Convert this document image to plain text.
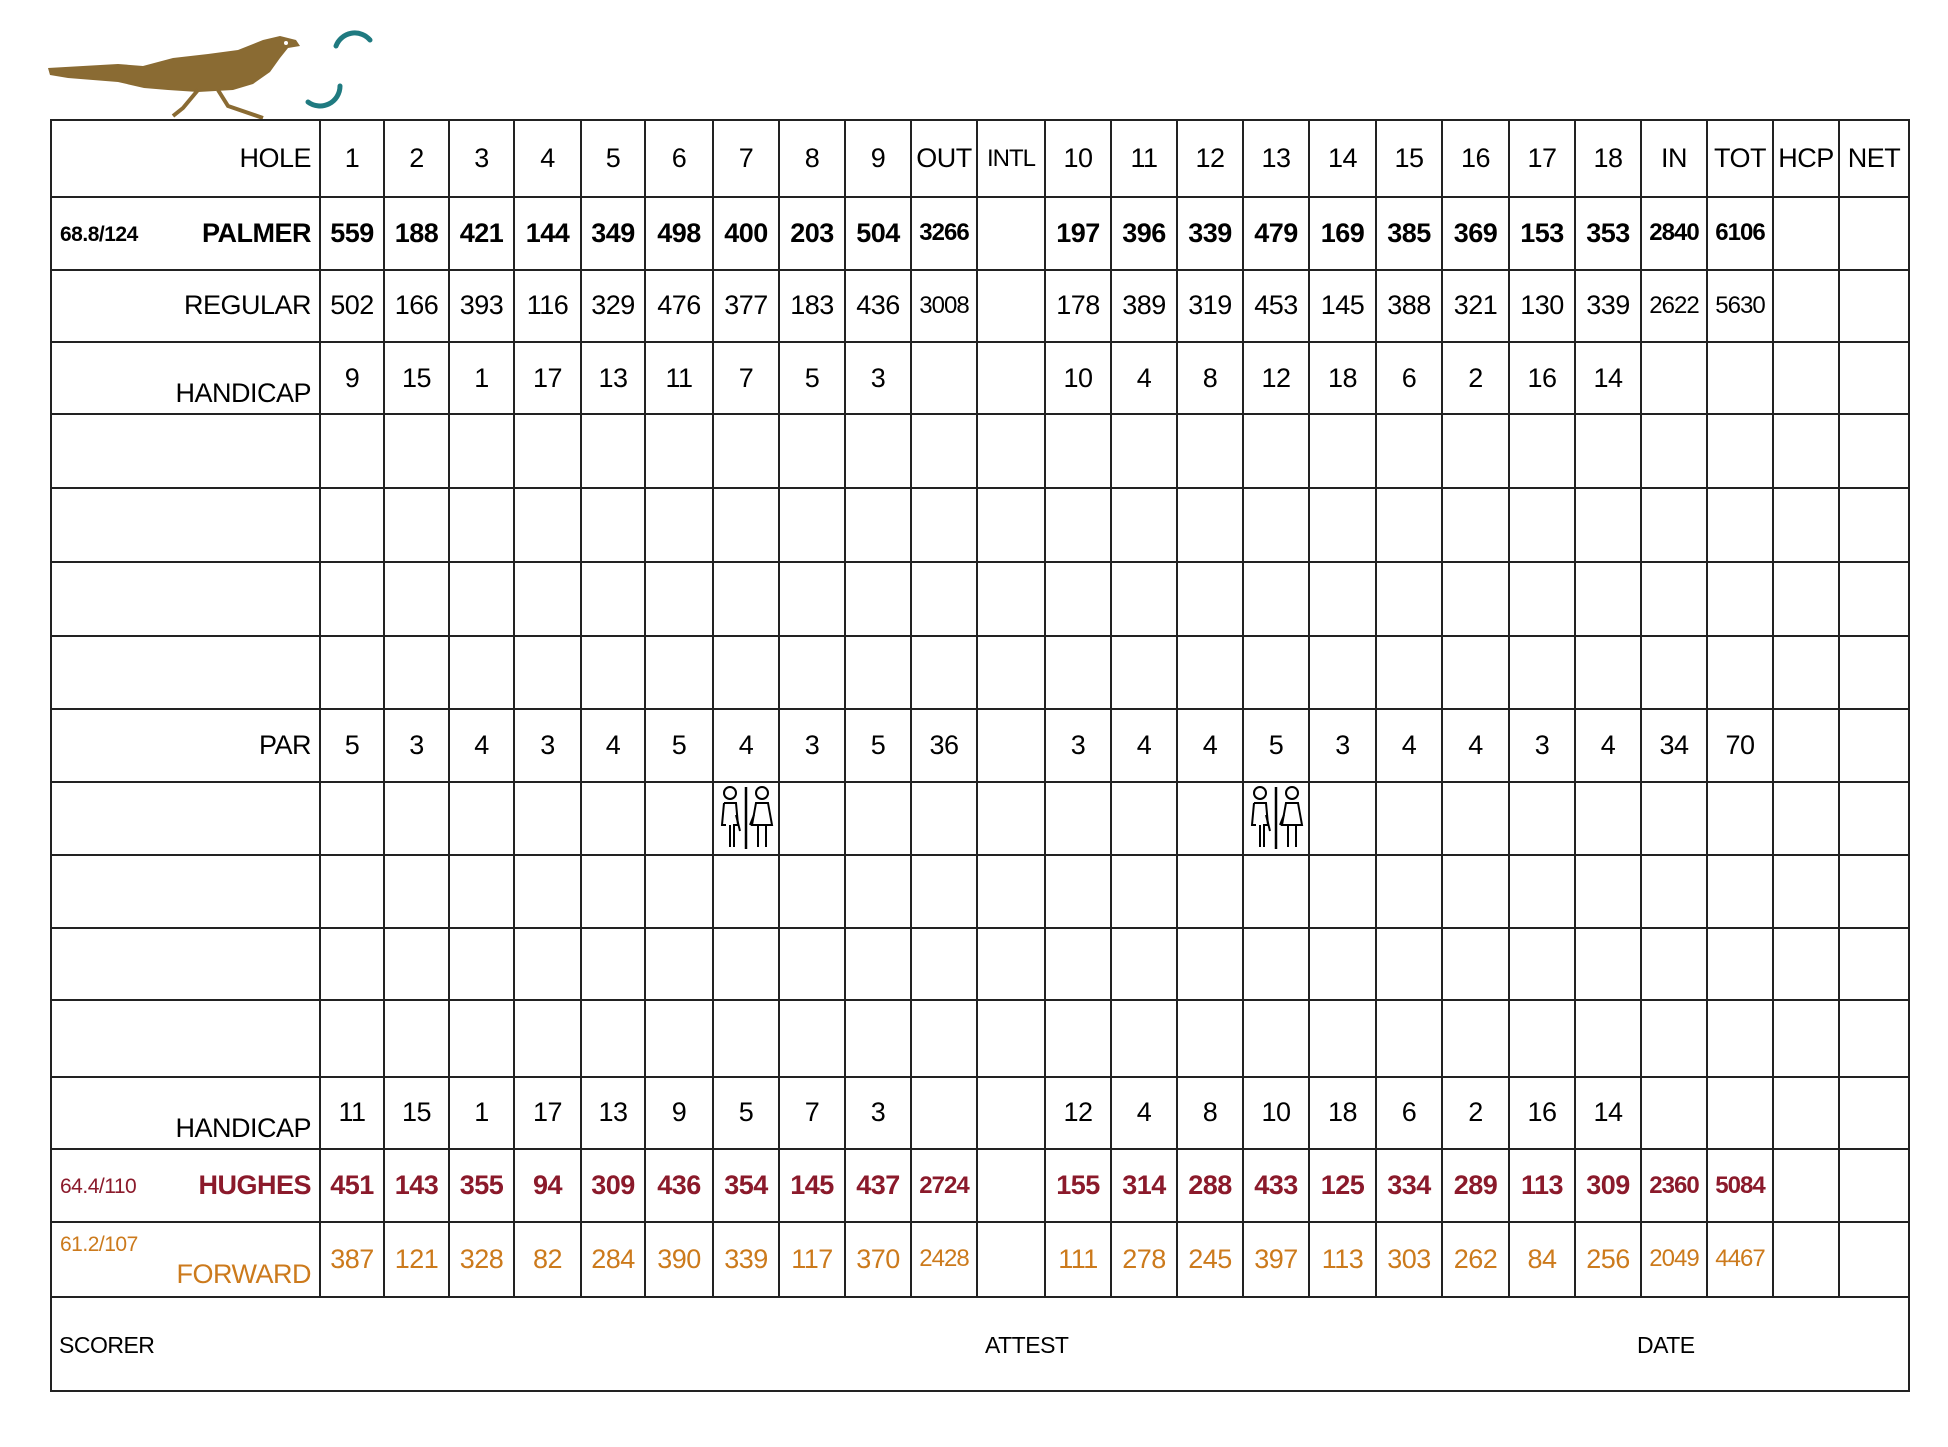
HOLE	1	2	3	4	5	6	7	8	9	OUT	INTL	10	11	12	13	14	15	16	17	18	IN	TOT	HCP	NET
68.8/124 PALMER	559	188	421	144	349	498	400	203	504	3266		197	396	339	479	169	385	369	153	353	2840	6106		

REGULAR	502	166	393	116	329	476	377	183	436	3008		178	389	319	453	145	388	321	130	339	2622	5630		

HANDICAP	9	15	1	17	13	11	7	5	3			10	4	8	12	18	6	2	16	14				

PAR	5	3	4	3	4	5	4	3	5	36		3	4	4	5	3	4	4	3	4	34	70		

HANDICAP	11	15	1	17	13	9	5	7	3			12	4	8	10	18	6	2	16	14				
64.4/110 HUGHES	451	143	355	94	309	436	354	145	437	2724		155	314	288	433	125	334	289	113	309	2360	5084		
61.2/107
FORWARD	387	121	328	82	284	390	339	117	370	2428		111	278	245	397	113	303	262	84	256	2049	4467		

SCORER ATTEST DATE																								
